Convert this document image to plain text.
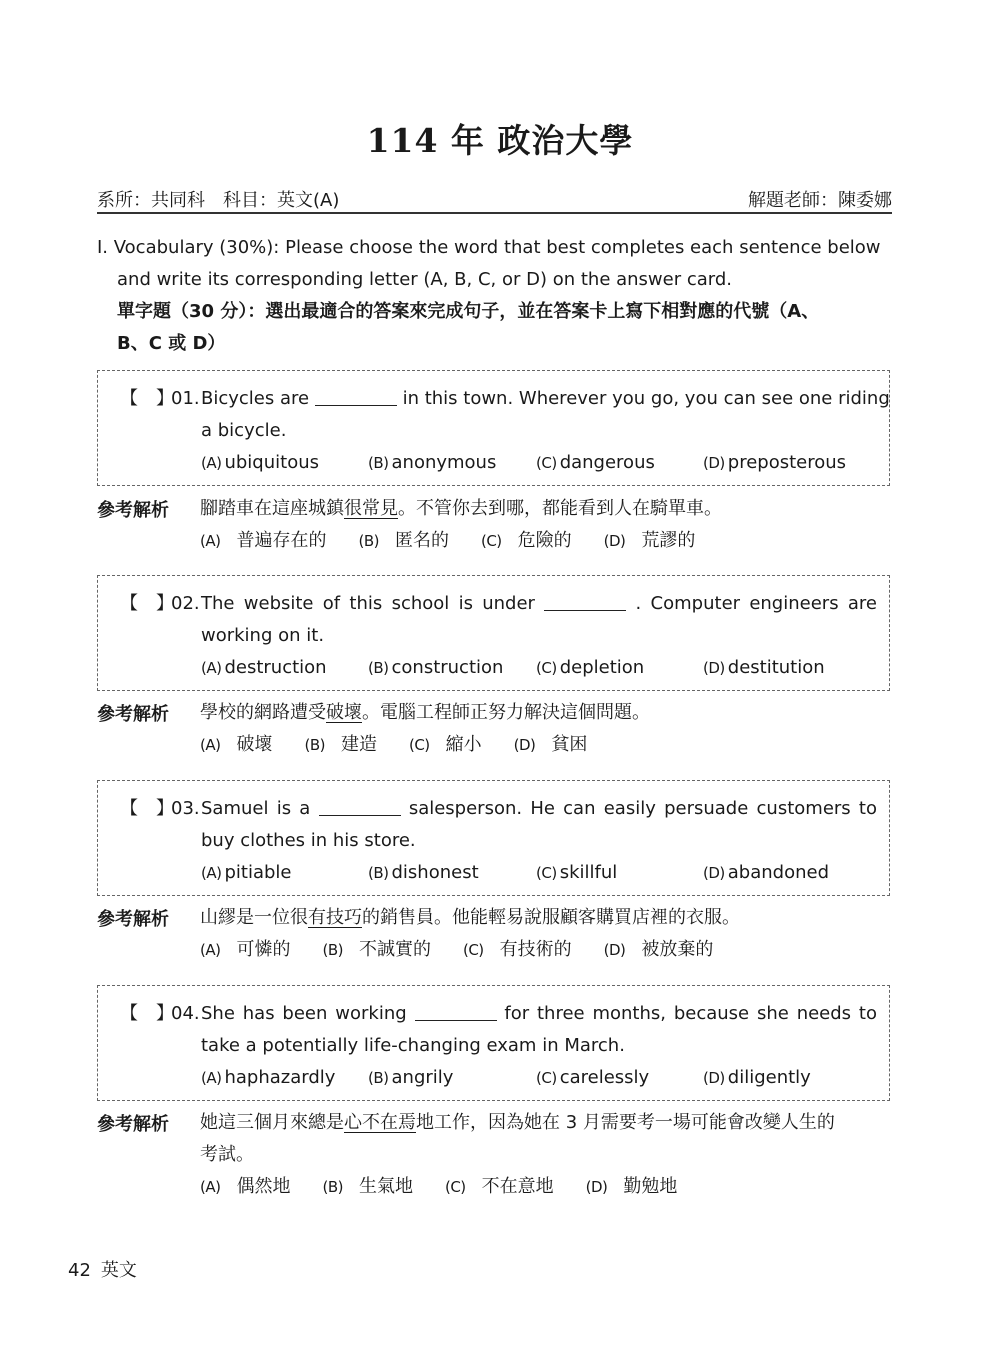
114 年 政治大學
系所：共同科 科目：英文(A)	解題老師：陳委娜
I. Vocabulary (30%): Please choose the word that best completes each sentence below
and write its corresponding letter (A, B, C, or D) on the answer card.
單字題（30 分）：選出最適合的答案來完成句子，並在答案卡上寫下相對應的代號（A、
B、C 或 D）
【　】
01. Bicycles are	in this town. Wherever you go, you can see one riding
a bicycle.
(A) ubiquitous	(B) anonymous	(C) dangerous	(D) preposterous
參考解析 腳踏車在這座城鎮很常見。不管你去到哪，都能看到人在騎單車。
(A) 普遍存在的 (B) 匿名的 (C) 危險的 (D) 荒謬的
【　】
02. The website of this school is under	. Computer engineers are
working on it.
(A) destruction	(B) construction (C) depletion	(D) destitution
參考解析 學校的網路遭受破壞。電腦工程師正努力解決這個問題。
(A) 破壞 (B) 建造 (C) 縮小 (D) 貧困
【　】
03. Samuel is a	salesperson. He can easily persuade customers to
buy clothes in his store.
(A) pitiable	(B) dishonest	(C) skillful	(D) abandoned
參考解析 山繆是一位很有技巧的銷售員。他能輕易說服顧客購買店裡的衣服。
(A) 可憐的 (B) 不誠實的 (C) 有技術的 (D) 被放棄的
【　】
04. She has been working	for three months, because she needs to
take a potentially life-changing exam in March.
(A) haphazardly (B) angrily	(C) carelessly	(D) diligently
參考解析 她這三個月來總是心不在焉地工作，因為她在 3 月需要考一場可能會改變人生的
考試。
(A) 偶然地 (B) 生氣地 (C) 不在意地 (D) 勤勉地
42 英文
